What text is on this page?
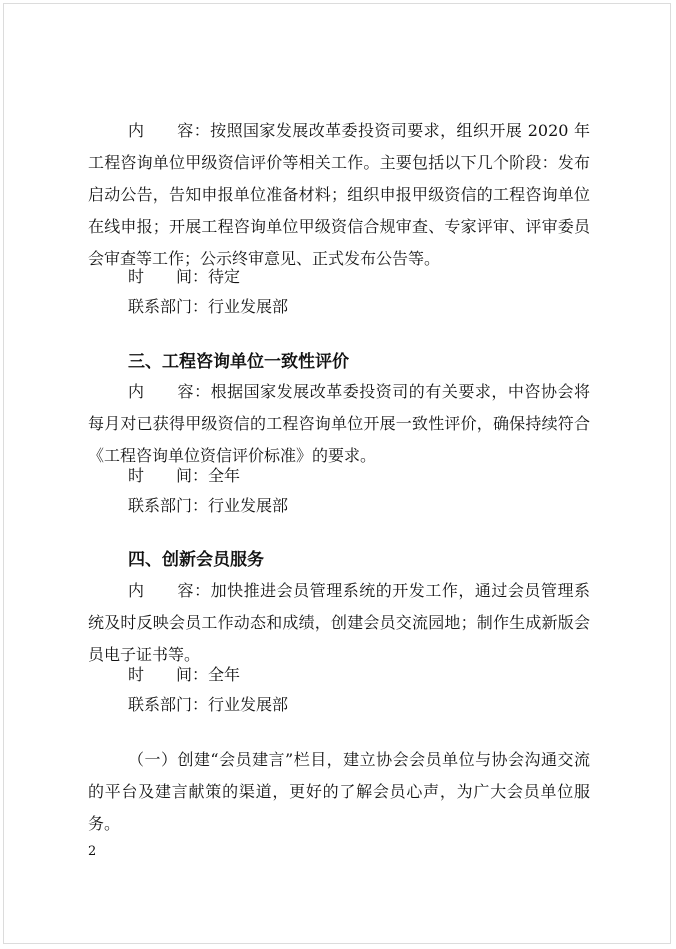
内　　容：按照国家发展改革委投资司要求，组织开展 2020 年工程咨询单位甲级资信评价等相关工作。主要包括以下几个阶段：发布启动公告，告知申报单位准备材料；组织申报甲级资信的工程咨询单位在线申报；开展工程咨询单位甲级资信合规审查、专家评审、评审委员会审查等工作；公示终审意见、正式发布公告等。

时　　间：待定

联系部门：行业发展部

三、工程咨询单位一致性评价

内　　容：根据国家发展改革委投资司的有关要求，中咨协会将每月对已获得甲级资信的工程咨询单位开展一致性评价，确保持续符合《工程咨询单位资信评价标准》的要求。

时　　间：全年

联系部门：行业发展部

四、创新会员服务

内　　容：加快推进会员管理系统的开发工作，通过会员管理系统及时反映会员工作动态和成绩，创建会员交流园地；制作生成新版会员电子证书等。

时　　间：全年

联系部门：行业发展部

（一）创建“会员建言”栏目，建立协会会员单位与协会沟通交流的平台及建言献策的渠道，更好的了解会员心声，为广大会员单位服务。

2
